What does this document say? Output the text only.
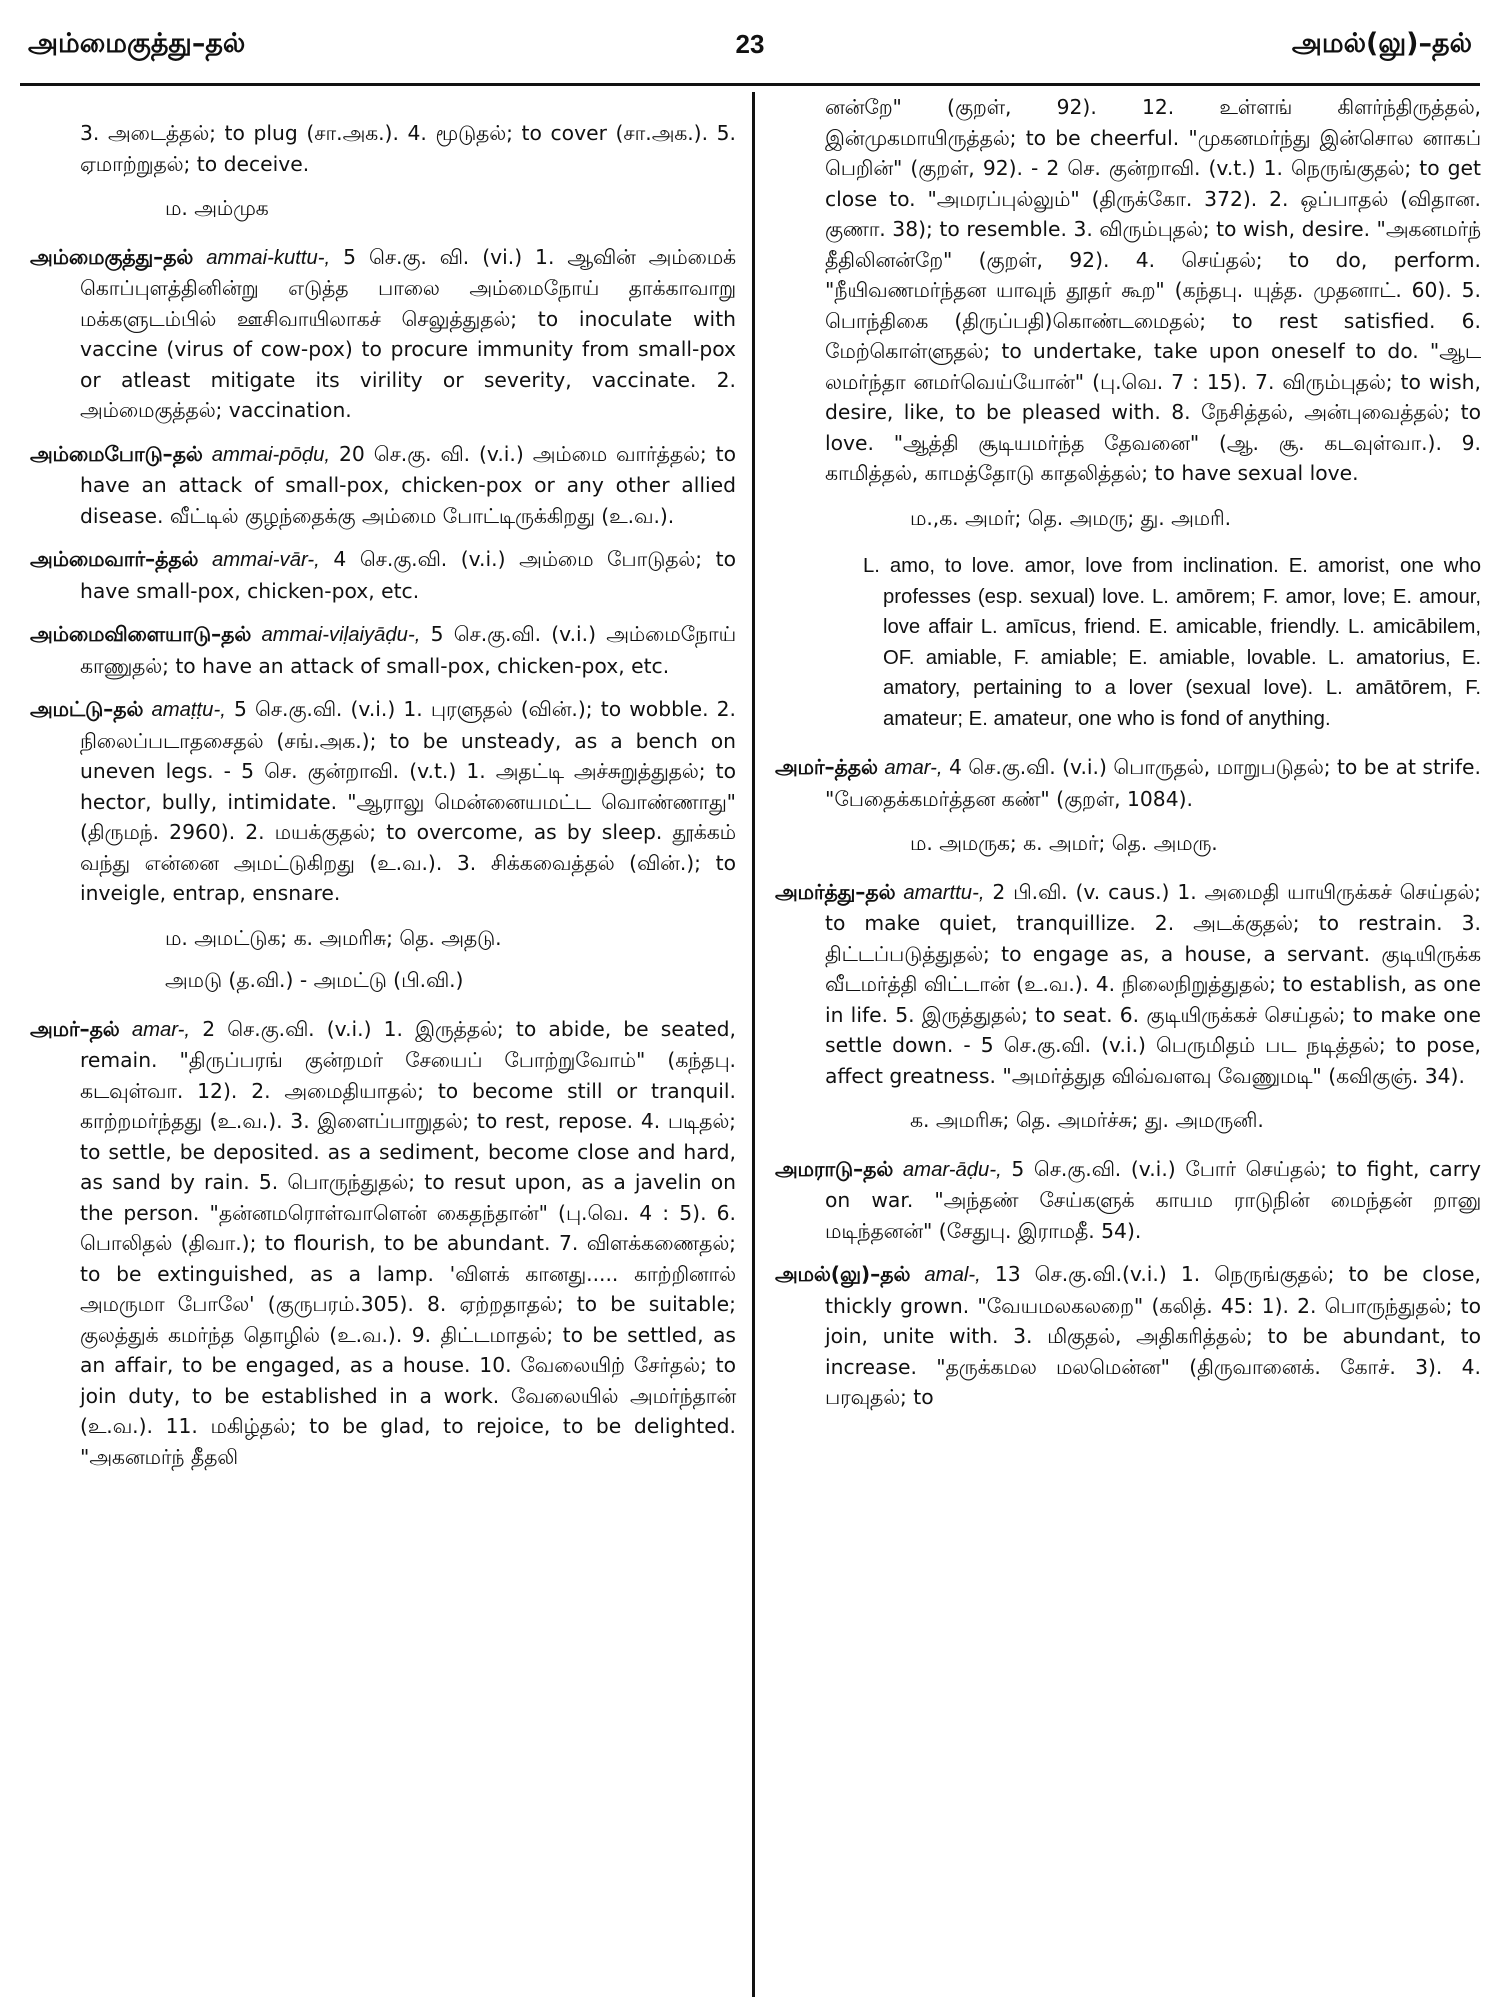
அம்மைகுத்து–தல்	23	அமல்(லு)–தல்

3. அடைத்தல்; to plug (சா.அக.). 4. மூடுதல்; to cover (சா.அக.). 5. ஏமாற்றுதல்; to deceive.

ம. அம்முக

அம்மைகுத்து–தல் ammai-kuttu-, 5 செ.கு. வி. (vi.) 1. ஆவின் அம்மைக் கொப்புளத்தினின்று எடுத்த பாலை அம்மைநோய் தாக்காவாறு மக்களுடம்பில் ஊசிவாயிலாகச் செலுத்துதல்; to inoculate with vaccine (virus of cow-pox) to procure immunity from small-pox or atleast mitigate its virility or severity, vaccinate. 2. அம்மைகுத்தல்; vaccination.

அம்மைபோடு–தல் ammai-pōḍu, 20 செ.கு. வி. (v.i.) அம்மை வார்த்தல்; to have an attack of small-pox, chicken-pox or any other allied disease. வீட்டில் குழந்தைக்கு அம்மை போட்டிருக்கிறது (உ.வ.).

அம்மைவார்–த்தல் ammai-vār-, 4 செ.கு.வி. (v.i.) அம்மை போடுதல்; to have small-pox, chicken-pox, etc.

அம்மைவிளையாடு–தல் ammai-viḷaiyāḍu-, 5 செ.கு.வி. (v.i.) அம்மைநோய் காணுதல்; to have an attack of small-pox, chicken-pox, etc.

அமட்டு–தல் amaṭṭu-, 5 செ.கு.வி. (v.i.) 1. புரளுதல் (வின்.); to wobble. 2. நிலைப்படாதசைதல் (சங்.அக.); to be unsteady, as a bench on uneven legs. - 5 செ. குன்றாவி. (v.t.) 1. அதட்டி அச்சுறுத்துதல்; to hector, bully, intimidate. "ஆராலு மென்னையமட்ட வொண்ணாது" (திருமந். 2960). 2. மயக்குதல்; to overcome, as by sleep. தூக்கம் வந்து என்னை அமட்டுகிறது (உ.வ.). 3. சிக்கவைத்தல் (வின்.); to inveigle, entrap, ensnare.

ம. அமட்டுக; க. அமரிசு; தெ. அதடு.

அமடு (த.வி.) - அமட்டு (பி.வி.)

அமர்–தல் amar-, 2 செ.கு.வி. (v.i.) 1. இருத்தல்; to abide, be seated, remain. "திருப்பரங் குன்றமர் சேயைப் போற்றுவோம்" (கந்தபு. கடவுள்வா. 12). 2. அமைதியாதல்; to become still or tranquil. காற்றமர்ந்தது (உ.வ.). 3. இளைப்பாறுதல்; to rest, repose. 4. படிதல்; to settle, be deposited. as a sediment, become close and hard, as sand by rain. 5. பொருந்துதல்; to resut upon, as a javelin on the person. "தன்னமரொள்வாளென் கைதந்தான்" (பு.வெ. 4 : 5). 6. பொலிதல் (திவா.); to flourish, to be abundant. 7. விளக்கணைதல்; to be extinguished, as a lamp. 'விளக் கானது..... காற்றினால் அமருமா போலே' (குருபரம்.305). 8. ஏற்றதாதல்; to be suitable; குலத்துக் கமர்ந்த தொழில் (உ.வ.). 9. திட்டமாதல்; to be settled, as an affair, to be engaged, as a house. 10. வேலையிற் சேர்தல்; to join duty, to be established in a work. வேலையில் அமர்ந்தான் (உ.வ.). 11. மகிழ்தல்; to be glad, to rejoice, to be delighted. "அகனமர்ந் தீதலி

னன்றே" (குறள், 92). 12. உள்ளங் கிளர்ந்திருத்தல், இன்முகமாயிருத்தல்; to be cheerful. "முகனமர்ந்து இன்சொல னாகப் பெறின்" (குறள், 92). - 2 செ. குன்றாவி. (v.t.) 1. நெருங்குதல்; to get close to. "அமரப்புல்லும்" (திருக்கோ. 372). 2. ஒப்பாதல் (விதான. குணா. 38); to resemble. 3. விரும்புதல்; to wish, desire. "அகனமர்ந் தீதிலினன்றே" (குறள், 92). 4. செய்தல்; to do, perform. "நீயிவணமர்ந்தன யாவுந் தூதர் கூற" (கந்தபு. யுத்த. முதனாட். 60). 5. பொந்திகை (திருப்பதி)கொண்டமைதல்; to rest satisfied. 6. மேற்கொள்ளுதல்; to undertake, take upon oneself to do. "ஆட லமர்ந்தா னமர்வெய்யோன்" (பு.வெ. 7 : 15). 7. விரும்புதல்; to wish, desire, like, to be pleased with. 8. நேசித்தல், அன்புவைத்தல்; to love. "ஆத்தி சூடியமர்ந்த தேவனை" (ஆ. சூ. கடவுள்வா.). 9. காமித்தல், காமத்தோடு காதலித்தல்; to have sexual love.

ம.,க. அமர்; தெ. அமரு; து. அமரி.

L. amo, to love. amor, love from inclination. E. amorist, one who professes (esp. sexual) love. L. amōrem; F. amor, love; E. amour, love affair L. amīcus, friend. E. amicable, friendly. L. amicābilem, OF. amiable, F. amiable; E. amiable, lovable. L. amatorius, E. amatory, pertaining to a lover (sexual love). L. amātōrem, F. amateur; E. amateur, one who is fond of anything.

அமர்–த்தல் amar-, 4 செ.கு.வி. (v.i.) பொருதல், மாறுபடுதல்; to be at strife. "பேதைக்கமர்த்தன கண்" (குறள், 1084).

ம. அமருக; க. அமர்; தெ. அமரு.

அமர்த்து–தல் amarttu-, 2 பி.வி. (v. caus.) 1. அமைதி யாயிருக்கச் செய்தல்; to make quiet, tranquillize. 2. அடக்குதல்; to restrain. 3. திட்டப்படுத்துதல்; to engage as, a house, a servant. குடியிருக்க வீடமர்த்தி விட்டான் (உ.வ.). 4. நிலைநிறுத்துதல்; to establish, as one in life. 5. இருத்துதல்; to seat. 6. குடியிருக்கச் செய்தல்; to make one settle down. - 5 செ.கு.வி. (v.i.) பெருமிதம் பட நடித்தல்; to pose, affect greatness. "அமர்த்துத விவ்வளவு வேணுமடி" (கவிகுஞ். 34).

க. அமரிசு; தெ. அமர்ச்சு; து. அமருனி.

அமராடு–தல் amar-āḍu-, 5 செ.கு.வி. (v.i.) போர் செய்தல்; to fight, carry on war. "அந்தண் சேய்களுக் காயம ராடுநின் மைந்தன் றானு மடிந்தனன்" (சேதுபு. இராமதீ. 54).

அமல்(லு)–தல் amal-, 13 செ.கு.வி.(v.i.) 1. நெருங்குதல்; to be close, thickly grown. "வேயமலகலறை" (கலித். 45: 1). 2. பொருந்துதல்; to join, unite with. 3. மிகுதல், அதிகரித்தல்; to be abundant, to increase. "தருக்கமல மலமென்ன" (திருவானைக். கோச். 3). 4. பரவுதல்; to
